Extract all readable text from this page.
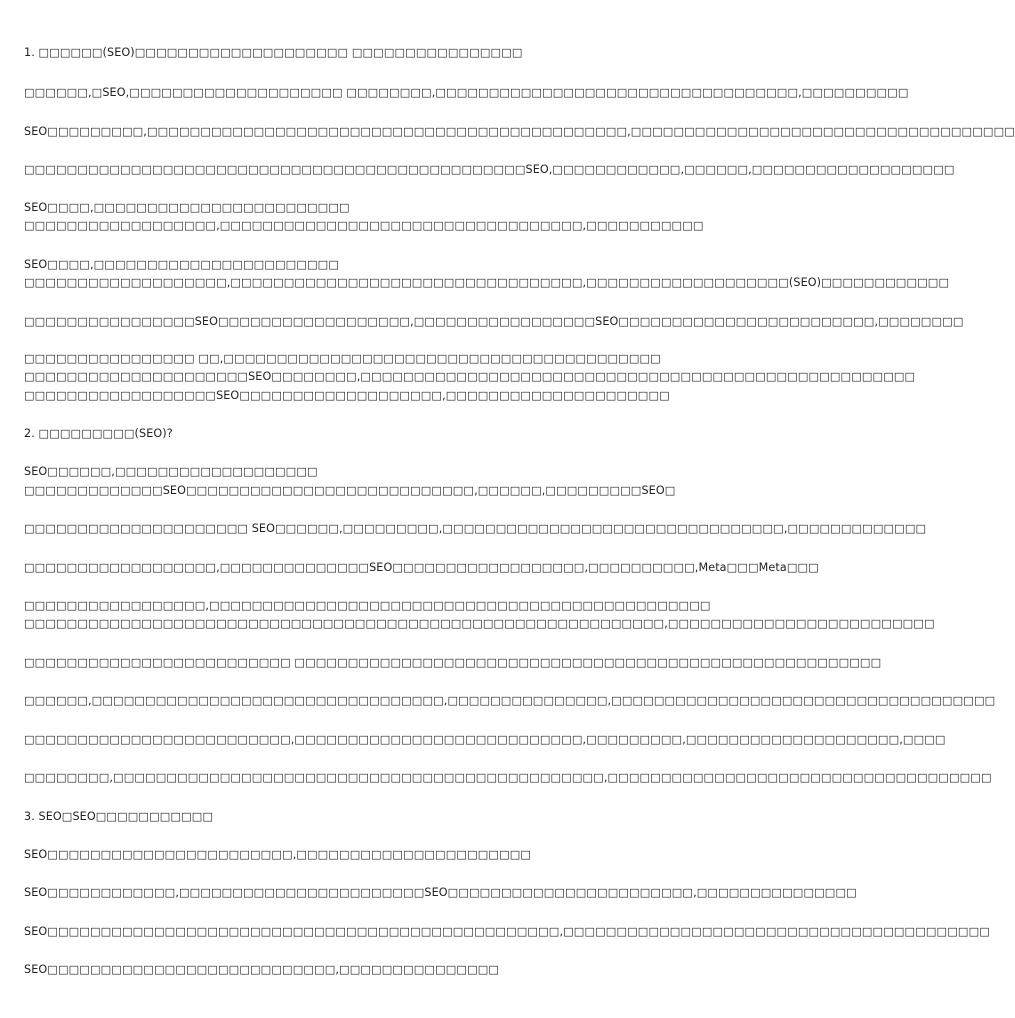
1. □□□□□□(SEO)□□□□□□□□□□□□□□□□□□□□ □□□□□□□□□□□□□□□□

□□□□□□,□SEO,□□□□□□□□□□□□□□□□□□□□ □□□□□□□□,□□□□□□□□□□□□□□□□□□□□□□□□□□□□□□□□□□,□□□□□□□□□□

SEO□□□□□□□□□,□□□□□□□□□□□□□□□□□□□□□□□□□□□□□□□□□□□□□□□□□□□□□,□□□□□□□□□□□□□□□□□□□□□□□□□□□□□□□□□□□□

□□□□□□□□□□□□□□□□□□□□□□□□□□□□□□□□□□□□□□□□□□□□□□□SEO,□□□□□□□□□□□□,□□□□□□,□□□□□□□□□□□□□□□□□□□

SEO□□□□,□□□□□□□□□□□□□□□□□□□□□□□□

□□□□□□□□□□□□□□□□□□,□□□□□□□□□□□□□□□□□□□□□□□□□□□□□□□□□□,□□□□□□□□□□□

SEO□□□□,□□□□□□□□□□□□□□□□□□□□□□□

□□□□□□□□□□□□□□□□□□□,□□□□□□□□□□□□□□□□□□□□□□□□□□□□□□□□□,□□□□□□□□□□□□□□□□□□□(SEO)□□□□□□□□□□□□

□□□□□□□□□□□□□□□□SEO□□□□□□□□□□□□□□□□□□,□□□□□□□□□□□□□□□□□SEO□□□□□□□□□□□□□□□□□□□□□□□□,□□□□□□□□

□□□□□□□□□□□□□□□□ □□,□□□□□□□□□□□□□□□□□□□□□□□□□□□□□□□□□□□□□□□□□

□□□□□□□□□□□□□□□□□□□□□SEO□□□□□□□□,□□□□□□□□□□□□□□□□□□□□□□□□□□□□□□□□□□□□□□□□□□□□□□□□□□□□

□□□□□□□□□□□□□□□□□□SEO□□□□□□□□□□□□□□□□□□□,□□□□□□□□□□□□□□□□□□□□□

2. □□□□□□□□□(SEO)?

SEO□□□□□□,□□□□□□□□□□□□□□□□□□□

□□□□□□□□□□□□□SEO□□□□□□□□□□□□□□□□□□□□□□□□□□□,□□□□□□,□□□□□□□□□SEO□

□□□□□□□□□□□□□□□□□□□□□ SEO□□□□□□,□□□□□□□□□,□□□□□□□□□□□□□□□□□□□□□□□□□□□□□□□□,□□□□□□□□□□□□□

□□□□□□□□□□□□□□□□□□,□□□□□□□□□□□□□□SEO□□□□□□□□□□□□□□□□□□,□□□□□□□□□□,Meta□□□Meta□□□

□□□□□□□□□□□□□□□□□,□□□□□□□□□□□□□□□□□□□□□□□□□□□□□□□□□□□□□□□□□□□□□□□

□□□□□□□□□□□□□□□□□□□□□□□□□□□□□□□□□□□□□□□□□□□□□□□□□□□□□□□□□□□□,□□□□□□□□□□□□□□□□□□□□□□□□□

□□□□□□□□□□□□□□□□□□□□□□□□□ □□□□□□□□□□□□□□□□□□□□□□□□□□□□□□□□□□□□□□□□□□□□□□□□□□□□□□□

□□□□□□,□□□□□□□□□□□□□□□□□□□□□□□□□□□□□□□□□,□□□□□□□□□□□□□□□,□□□□□□□□□□□□□□□□□□□□□□□□□□□□□□□□□□□□

□□□□□□□□□□□□□□□□□□□□□□□□□,□□□□□□□□□□□□□□□□□□□□□□□□□□□,□□□□□□□□□,□□□□□□□□□□□□□□□□□□□□,□□□□

□□□□□□□□,□□□□□□□□□□□□□□□□□□□□□□□□□□□□□□□□□□□□□□□□□□□□□□,□□□□□□□□□□□□□□□□□□□□□□□□□□□□□□□□□□□□

3. SEO□SEO□□□□□□□□□□□

SEO□□□□□□□□□□□□□□□□□□□□□□□,□□□□□□□□□□□□□□□□□□□□□□

SEO□□□□□□□□□□□□,□□□□□□□□□□□□□□□□□□□□□□□SEO□□□□□□□□□□□□□□□□□□□□□□□,□□□□□□□□□□□□□□□

SEO□□□□□□□□□□□□□□□□□□□□□□□□□□□□□□□□□□□□□□□□□□□□□□□□,□□□□□□□□□□□□□□□□□□□□□□□□□□□□□□□□□□□□□□□□

SEO□□□□□□□□□□□□□□□□□□□□□□□□□□□,□□□□□□□□□□□□□□□
